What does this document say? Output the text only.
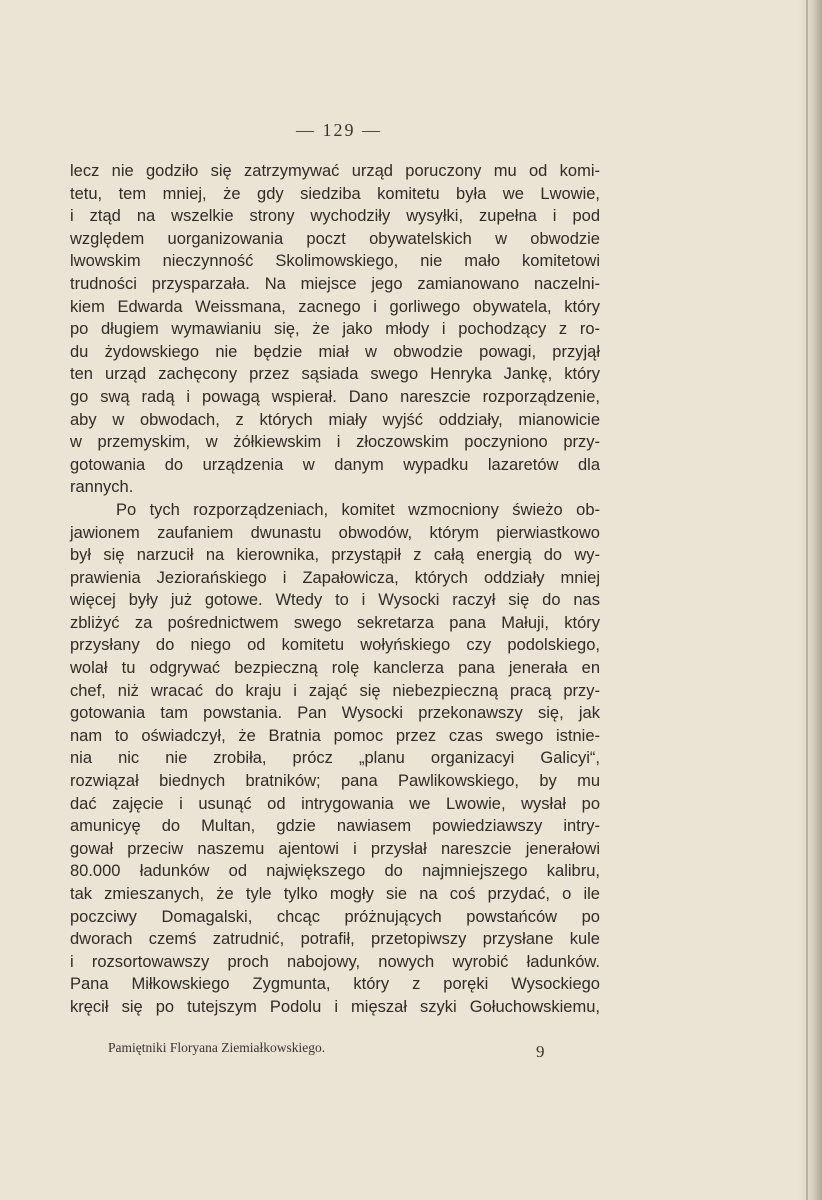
— 129 —
lecz nie godziło się zatrzymywać urząd poruczony mu od komi-
tetu, tem mniej, że gdy siedziba komitetu była we Lwowie,
i ztąd na wszelkie strony wychodziły wysyłki, zupełna i pod
względem uorganizowania poczt obywatelskich w obwodzie
lwowskim nieczynność Skolimowskiego, nie mało komitetowi
trudności przysparzała. Na miejsce jego zamianowano naczelni-
kiem Edwarda Weissmana, zacnego i gorliwego obywatela, który
po długiem wymawianiu się, że jako młody i pochodzący z ro-
du żydowskiego nie będzie miał w obwodzie powagi, przyjął
ten urząd zachęcony przez sąsiada swego Henryka Jankę, który
go swą radą i powagą wspierał. Dano nareszcie rozporządzenie,
aby w obwodach, z których miały wyjść oddziały, mianowicie
w przemyskim, w żółkiewskim i złoczowskim poczyniono przy-
gotowania do urządzenia w danym wypadku lazaretów dla
rannych.
Po tych rozporządzeniach, komitet wzmocniony świeżo ob-
jawionem zaufaniem dwunastu obwodów, którym pierwiastkowo
był się narzucił na kierownika, przystąpił z całą energią do wy-
prawienia Jeziorańskiego i Zapałowicza, których oddziały mniej
więcej były już gotowe. Wtedy to i Wysocki raczył się do nas
zbliżyć za pośrednictwem swego sekretarza pana Małuji, który
przysłany do niego od komitetu wołyńskiego czy podolskiego,
wolał tu odgrywać bezpieczną rolę kanclerza pana jenerała en
chef, niż wracać do kraju i zająć się niebezpieczną pracą przy-
gotowania tam powstania. Pan Wysocki przekonawszy się, jak
nam to oświadczył, że Bratnia pomoc przez czas swego istnie-
nia nic nie zrobiła, prócz „planu organizacyi Galicyi“,
rozwiązał biednych bratników; pana Pawlikowskiego, by mu
dać zajęcie i usunąć od intrygowania we Lwowie, wysłał po
amunicyę do Multan, gdzie nawiasem powiedziawszy intry-
gował przeciw naszemu ajentowi i przysłał nareszcie jenerałowi
80.000 ładunków od największego do najmniejszego kalibru,
tak zmieszanych, że tyle tylko mogły sie na coś przydać, o ile
poczciwy Domagalski, chcąc próżnujących powstańców po
dworach czemś zatrudnić, potrafił, przetopiwszy przysłane kule
i rozsortowawszy proch nabojowy, nowych wyrobić ładunków.
Pana Miłkowskiego Zygmunta, który z poręki Wysockiego
kręcił się po tutejszym Podolu i mięszał szyki Gołuchowskiemu,
Pamiętniki Floryana Ziemiałkowskiego.	9
